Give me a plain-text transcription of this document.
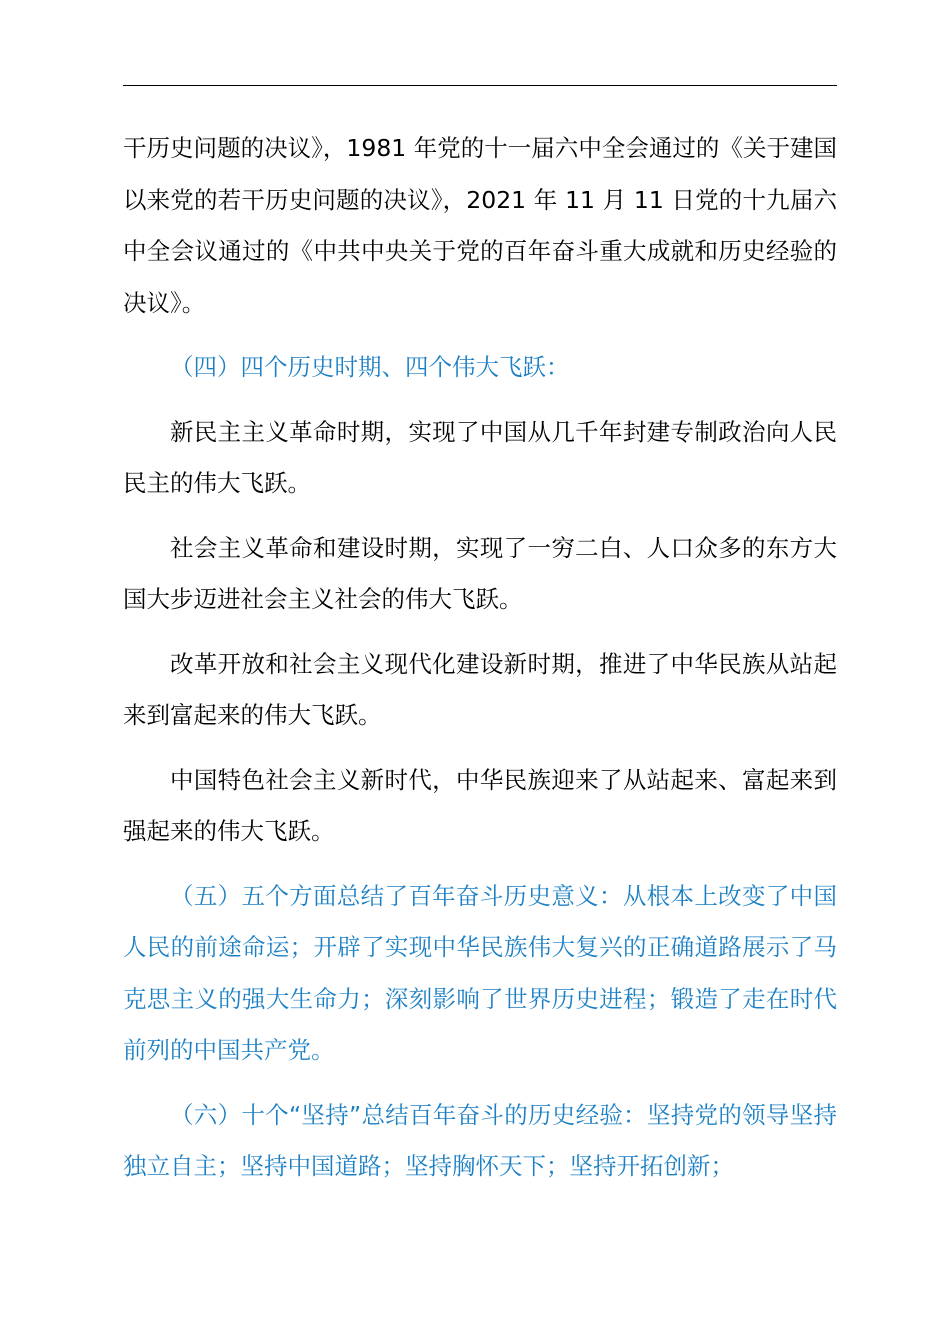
干历史问题的决议》，1981 年党的十一届六中全会通过的《关于建国以来党的若干历史问题的决议》，2021 年 11 月 11 日党的十九届六中全会议通过的《中共中央关于党的百年奋斗重大成就和历史经验的决议》。

（四）四个历史时期、四个伟大飞跃：

新民主主义革命时期，实现了中国从几千年封建专制政治向人民民主的伟大飞跃。

社会主义革命和建设时期，实现了一穷二白、人口众多的东方大国大步迈进社会主义社会的伟大飞跃。

改革开放和社会主义现代化建设新时期，推进了中华民族从站起来到富起来的伟大飞跃。

中国特色社会主义新时代，中华民族迎来了从站起来、富起来到强起来的伟大飞跃。

（五）五个方面总结了百年奋斗历史意义：从根本上改变了中国人民的前途命运；开辟了实现中华民族伟大复兴的正确道路展示了马克思主义的强大生命力；深刻影响了世界历史进程；锻造了走在时代前列的中国共产党。

（六）十个“坚持”总结百年奋斗的历史经验：坚持党的领导坚持独立自主；坚持中国道路；坚持胸怀天下；坚持开拓创新；
